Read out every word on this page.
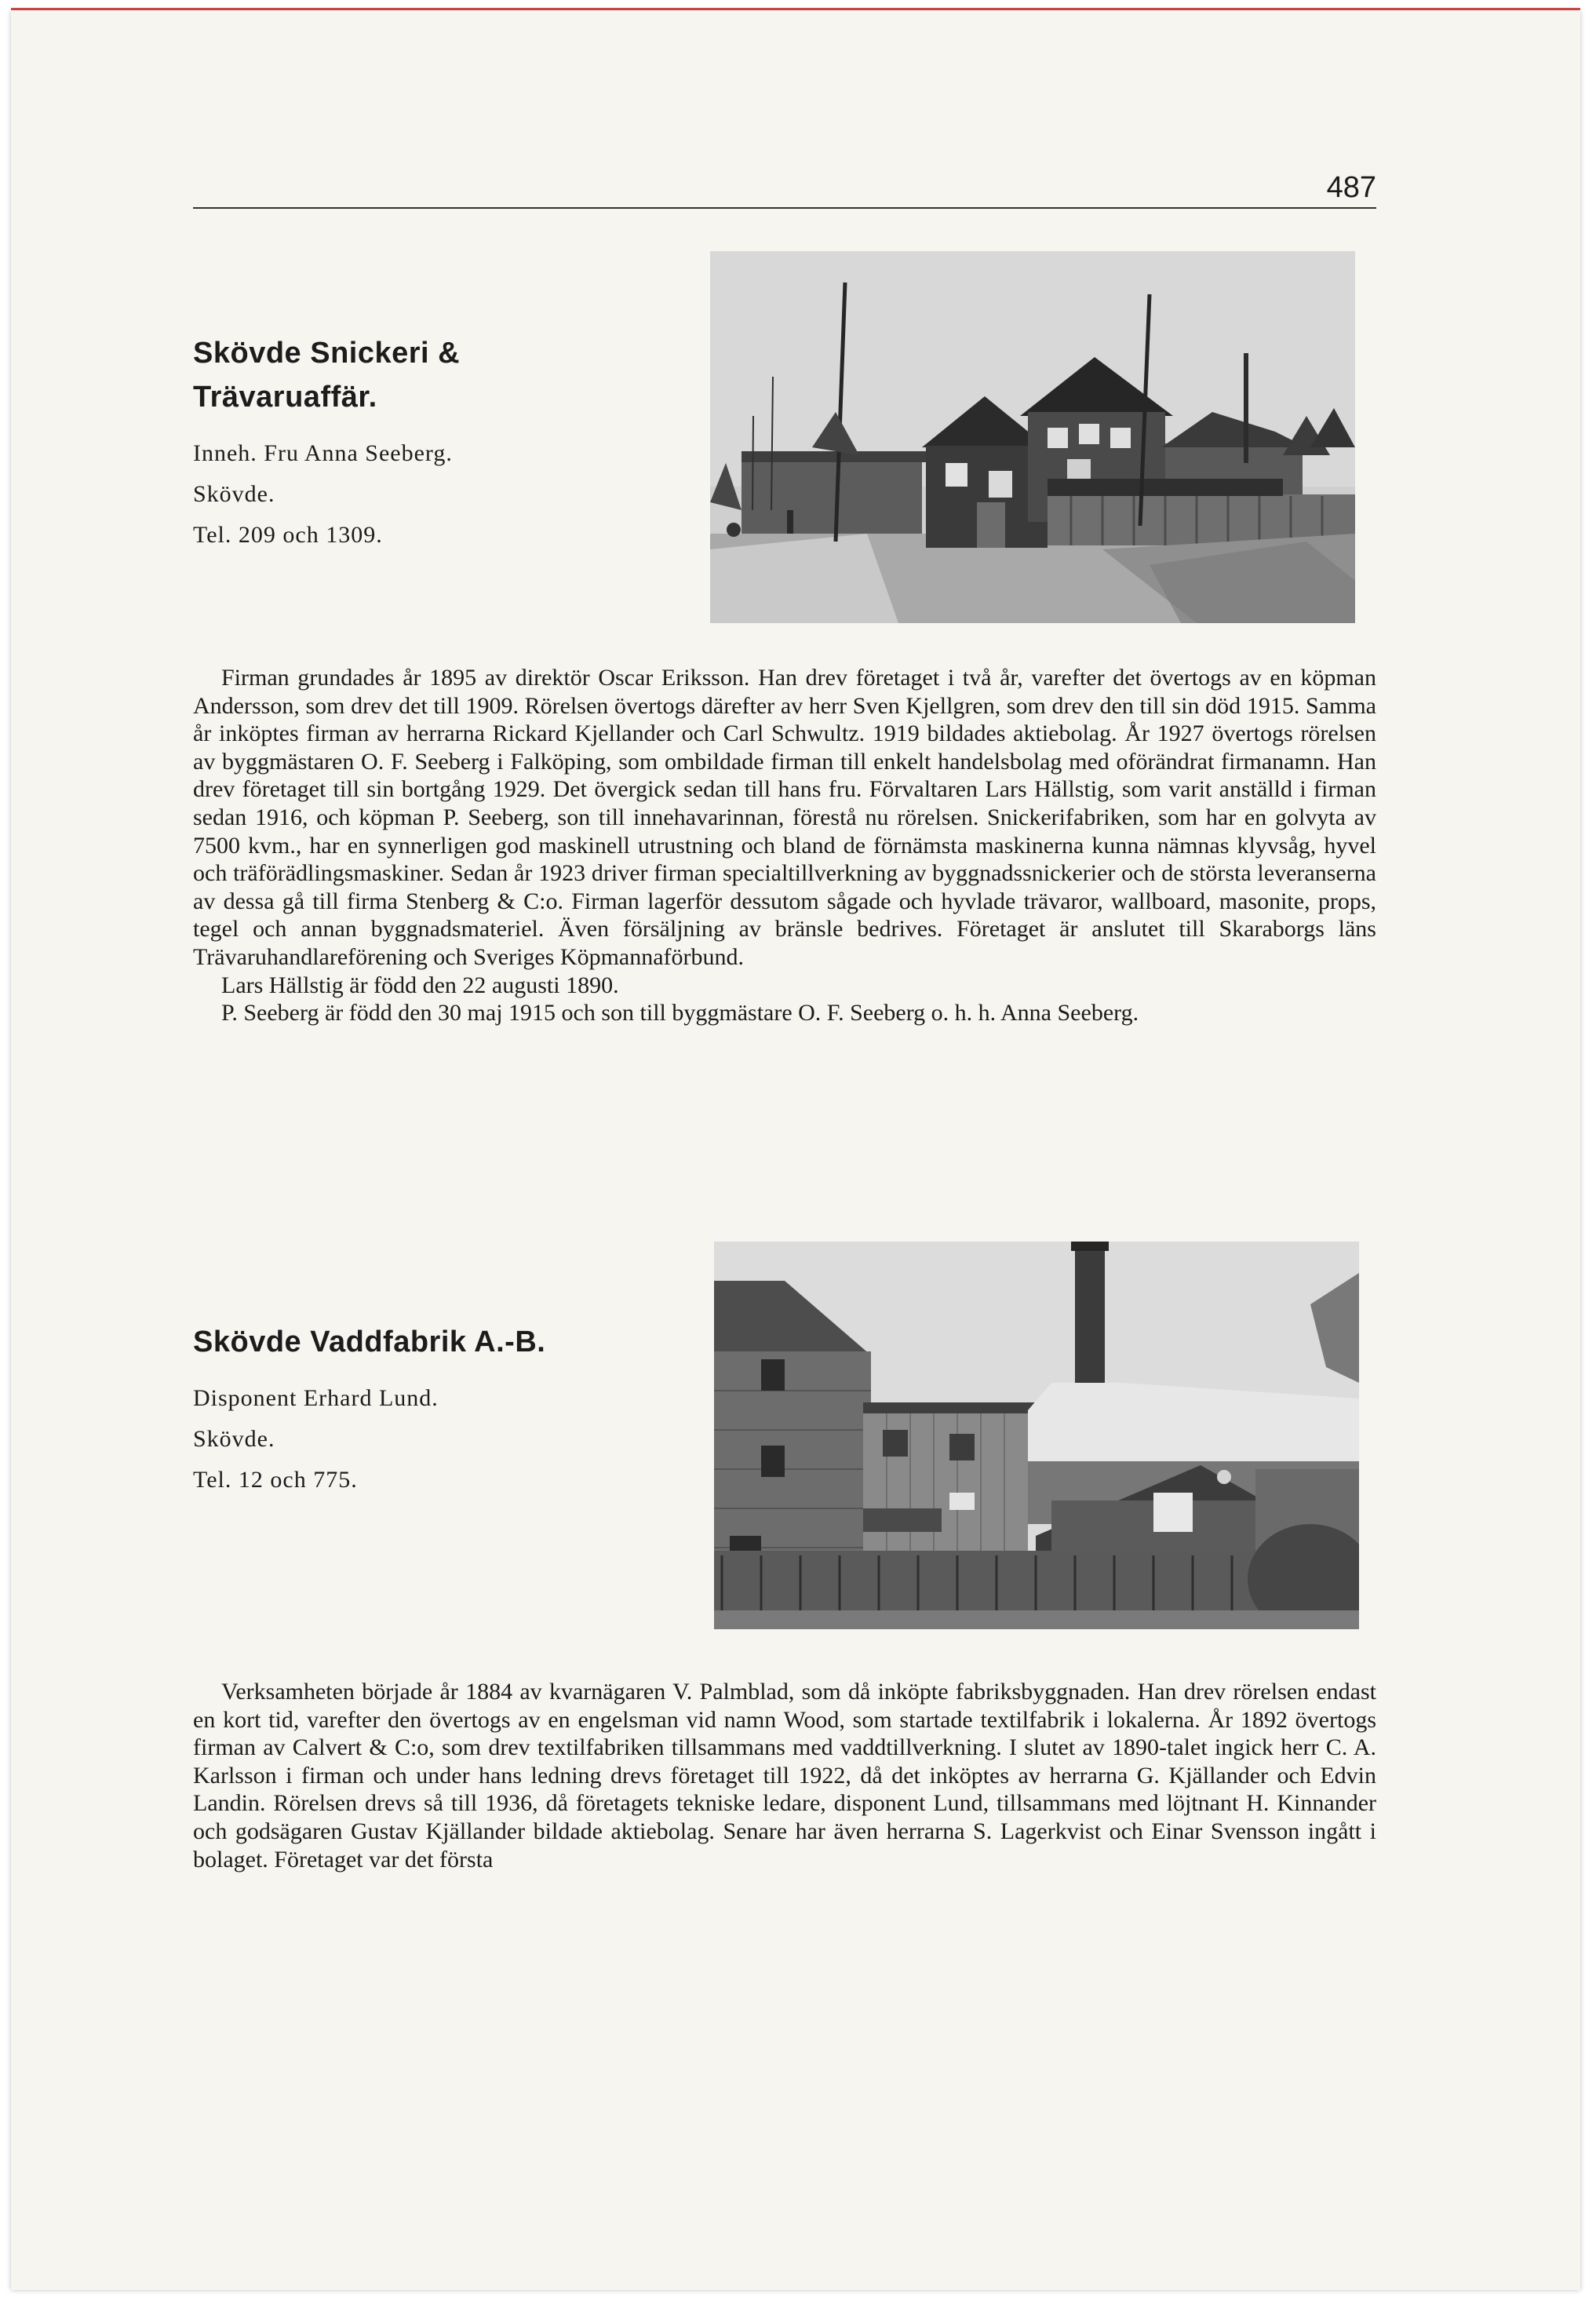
487
Skövde Snickeri &
Trävaruaffär.

Inneh. Fru Anna Seeberg.

Skövde.

Tel. 209 och 1309.

Firman grundades år 1895 av direktör Oscar Eriksson. Han drev företaget i två år, varefter det övertogs av en köpman Andersson, som drev det till 1909. Rörelsen övertogs därefter av herr Sven Kjellgren, som drev den till sin död 1915. Samma år inköptes firman av herrarna Rickard Kjellander och Carl Schwultz. 1919 bildades aktiebolag. År 1927 övertogs rörelsen av byggmästaren O. F. Seeberg i Falköping, som ombildade firman till enkelt handelsbolag med oförändrat firmanamn. Han drev företaget till sin bortgång 1929. Det övergick sedan till hans fru. Förvaltaren Lars Hällstig, som varit anställd i firman sedan 1916, och köpman P. Seeberg, son till innehavarinnan, förestå nu rörelsen. Snickerifabriken, som har en golvyta av 7500 kvm., har en synnerligen god maskinell utrustning och bland de förnämsta maskinerna kunna nämnas klyvsåg, hyvel och träförädlingsmaskiner. Sedan år 1923 driver firman specialtillverkning av byggnadssnickerier och de största leveranserna av dessa gå till firma Stenberg & C:o. Firman lagerför dessutom sågade och hyvlade trävaror, wallboard, masonite, props, tegel och annan byggnadsmateriel. Även försäljning av bränsle bedrives. Företaget är anslutet till Skaraborgs läns Trävaruhandlareförening och Sveriges Köpmannaförbund.

Lars Hällstig är född den 22 augusti 1890.

P. Seeberg är född den 30 maj 1915 och son till byggmästare O. F. Seeberg o. h. h. Anna Seeberg.

Skövde Vaddfabrik A.-B.

Disponent Erhard Lund.

Skövde.

Tel. 12 och 775.

Verksamheten började år 1884 av kvarnägaren V. Palmblad, som då inköpte fabriksbyggnaden. Han drev rörelsen endast en kort tid, varefter den övertogs av en engelsman vid namn Wood, som startade textilfabrik i lokalerna. År 1892 övertogs firman av Calvert & C:o, som drev textilfabriken tillsammans med vaddtillverkning. I slutet av 1890-talet ingick herr C. A. Karlsson i firman och under hans ledning drevs företaget till 1922, då det inköptes av herrarna G. Kjällander och Edvin Landin. Rörelsen drevs så till 1936, då företagets tekniske ledare, disponent Lund, tillsammans med löjtnant H. Kinnander och godsägaren Gustav Kjällander bildade aktiebolag. Senare har även herrarna S. Lagerkvist och Einar Svensson ingått i bolaget. Företaget var det första
